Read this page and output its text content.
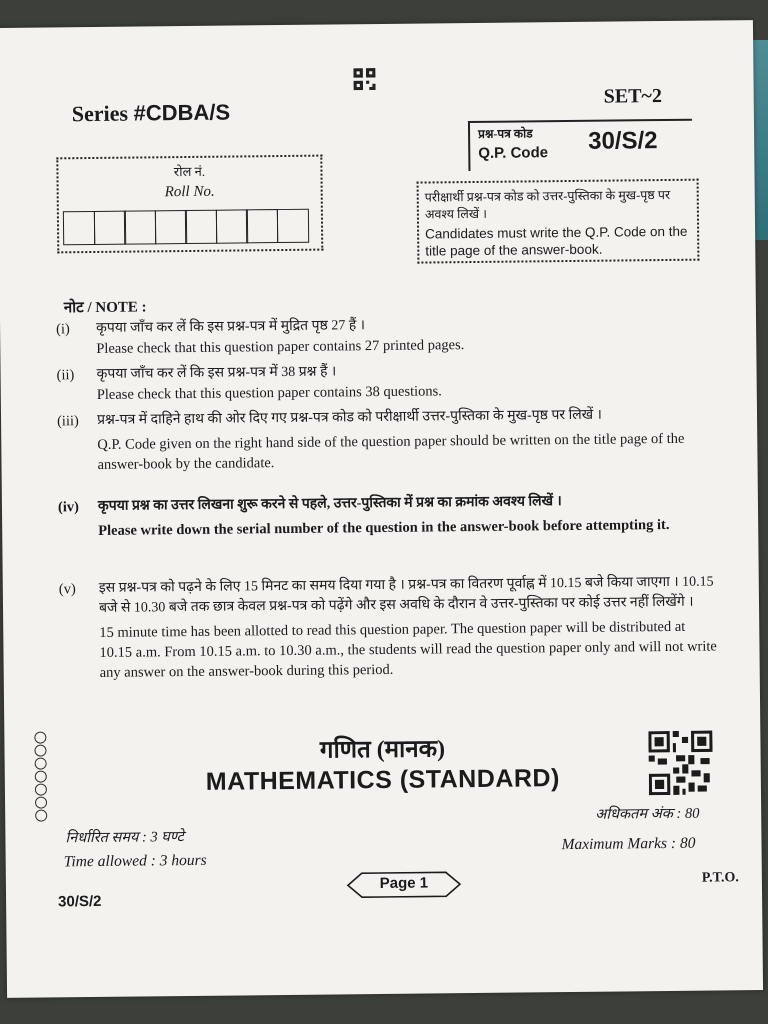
Series #CDBA/S
SET~2
प्रश्न-पत्र कोड
Q.P. Code 30/S/2
रोल नं.
Roll No.	परीक्षार्थी प्रश्न-पत्र कोड को उत्तर-पुस्तिका के मुख-पृष्ठ पर अवश्य लिखें ।
Candidates must write the Q.P. Code on the title page of the answer-book.
नोट / NOTE :
(i)	कृपया जाँच कर लें कि इस प्रश्न-पत्र में मुद्रित पृष्ठ 27 हैं ।
Please check that this question paper contains 27 printed pages.
(ii)	कृपया जाँच कर लें कि इस प्रश्न-पत्र में 38 प्रश्न हैं ।
Please check that this question paper contains 38 questions.
(iii)	प्रश्न-पत्र में दाहिने हाथ की ओर दिए गए प्रश्न-पत्र कोड को परीक्षार्थी उत्तर-पुस्तिका के मुख-पृष्ठ पर लिखें ।
Q.P. Code given on the right hand side of the question paper should be written on the title page of the answer-book by the candidate.
(iv)	कृपया प्रश्न का उत्तर लिखना शुरू करने से पहले, उत्तर-पुस्तिका में प्रश्न का क्रमांक अवश्य लिखें ।
Please write down the serial number of the question in the answer-book before attempting it.
(v)	इस प्रश्न-पत्र को पढ़ने के लिए 15 मिनट का समय दिया गया है । प्रश्न-पत्र का वितरण पूर्वाह्न में 10.15 बजे किया जाएगा । 10.15 बजे से 10.30 बजे तक छात्र केवल प्रश्न-पत्र को पढ़ेंगे और इस अवधि के दौरान वे उत्तर-पुस्तिका पर कोई उत्तर नहीं लिखेंगे ।
15 minute time has been allotted to read this question paper. The question paper will be distributed at 10.15 a.m. From 10.15 a.m. to 10.30 a.m., the students will read the question paper only and will not write any answer on the answer-book during this period.
गणित (मानक)
MATHEMATICS (STANDARD)
अधिकतम अंक : 80
Maximum Marks : 80
निर्धारित समय : 3 घण्टे
Time allowed : 3 hours
Page 1
30/S/2
P.T.O.
